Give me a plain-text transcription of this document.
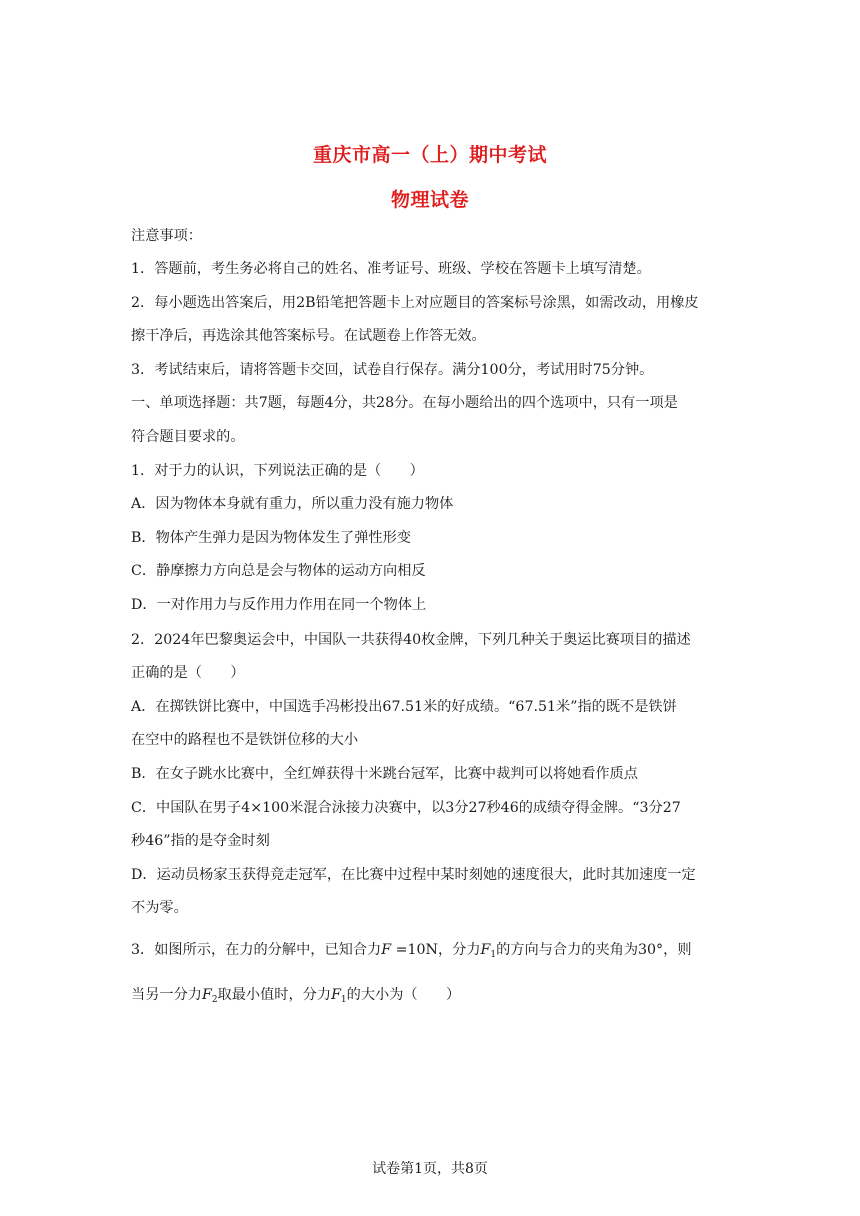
重庆市高一（上）期中考试
物理试卷
注意事项：
1．答题前，考生务必将自己的姓名、准考证号、班级、学校在答题卡上填写清楚。
2．每小题选出答案后，用2B铅笔把答题卡上对应题目的答案标号涂黑，如需改动，用橡皮
擦干净后，再选涂其他答案标号。在试题卷上作答无效。
3．考试结束后，请将答题卡交回，试卷自行保存。满分100分，考试用时75分钟。
一、单项选择题：共7题，每题4分，共28分。在每小题给出的四个选项中，只有一项是
符合题目要求的。
1．对于力的认识，下列说法正确的是（　　）
A．因为物体本身就有重力，所以重力没有施力物体
B．物体产生弹力是因为物体发生了弹性形变
C．静摩擦力方向总是会与物体的运动方向相反
D．一对作用力与反作用力作用在同一个物体上
2．2024年巴黎奥运会中，中国队一共获得40枚金牌，下列几种关于奥运比赛项目的描述
正确的是（　　）
A．在掷铁饼比赛中，中国选手冯彬投出67.51米的好成绩。“67.51米”指的既不是铁饼
在空中的路程也不是铁饼位移的大小
B．在女子跳水比赛中，全红婵获得十米跳台冠军，比赛中裁判可以将她看作质点
C．中国队在男子4×100米混合泳接力决赛中，以3分27秒46的成绩夺得金牌。“3分27
秒46”指的是夺金时刻
D．运动员杨家玉获得竞走冠军，在比赛中过程中某时刻她的速度很大，此时其加速度一定
不为零。
3．如图所示，在力的分解中，已知合力F =10N，分力$F_1$的方向与合力的夹角为30°，则
当另一分力$F_2$取最小值时，分力$F_1$的大小为（　　）
试卷第1页，共8页
